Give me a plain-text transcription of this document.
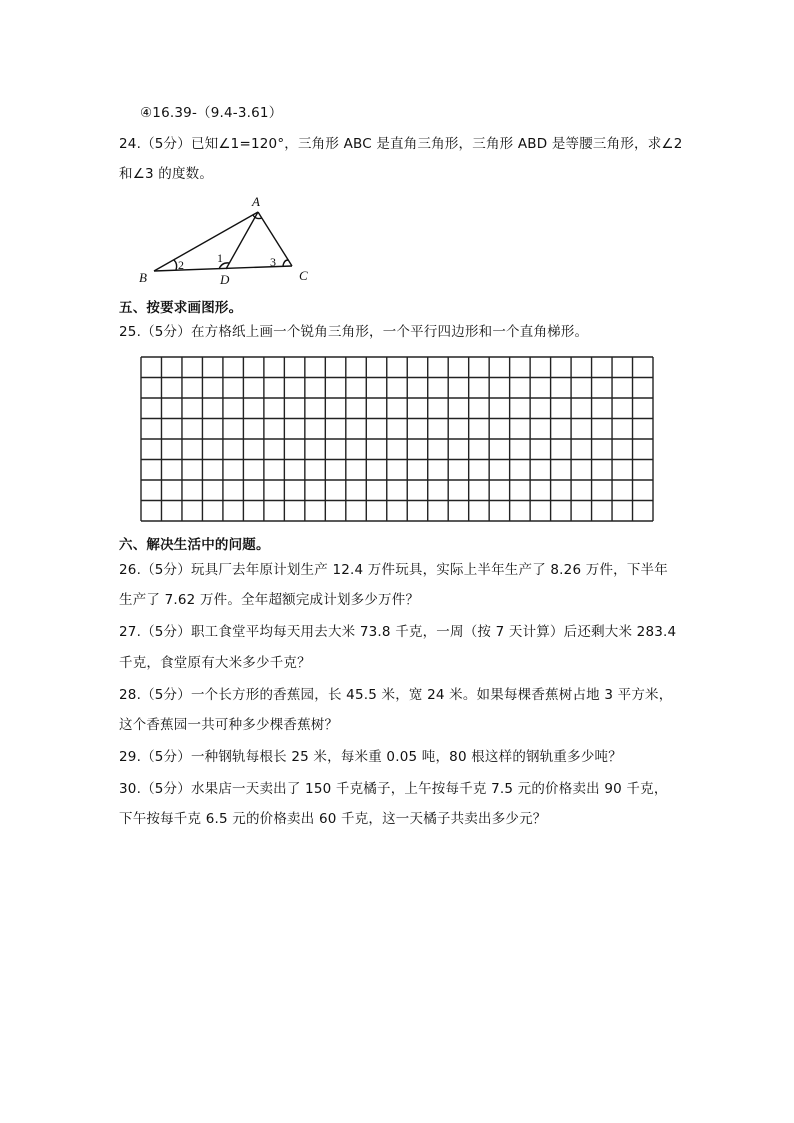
④16.39-（9.4-3.61）
24.（5分）已知∠1=120°，三角形 ABC 是直角三角形，三角形 ABD 是等腰三角形，求∠2
和∠3 的度数。
A
B	C
D
2	1	3
五、按要求画图形。
25.（5分）在方格纸上画一个锐角三角形，一个平行四边形和一个直角梯形。
六、解决生活中的问题。
26.（5分）玩具厂去年原计划生产 12.4 万件玩具，实际上半年生产了 8.26 万件，下半年
生产了 7.62 万件。全年超额完成计划多少万件？
27.（5分）职工食堂平均每天用去大米 73.8 千克，一周（按 7 天计算）后还剩大米 283.4
千克，食堂原有大米多少千克？
28.（5分）一个长方形的香蕉园，长 45.5 米，宽 24 米。如果每棵香蕉树占地 3 平方米，
这个香蕉园一共可种多少棵香蕉树？
29.（5分）一种钢轨每根长 25 米，每米重 0.05 吨，80 根这样的钢轨重多少吨？
30.（5分）水果店一天卖出了 150 千克橘子，上午按每千克 7.5 元的价格卖出 90 千克，
下午按每千克 6.5 元的价格卖出 60 千克，这一天橘子共卖出多少元？
